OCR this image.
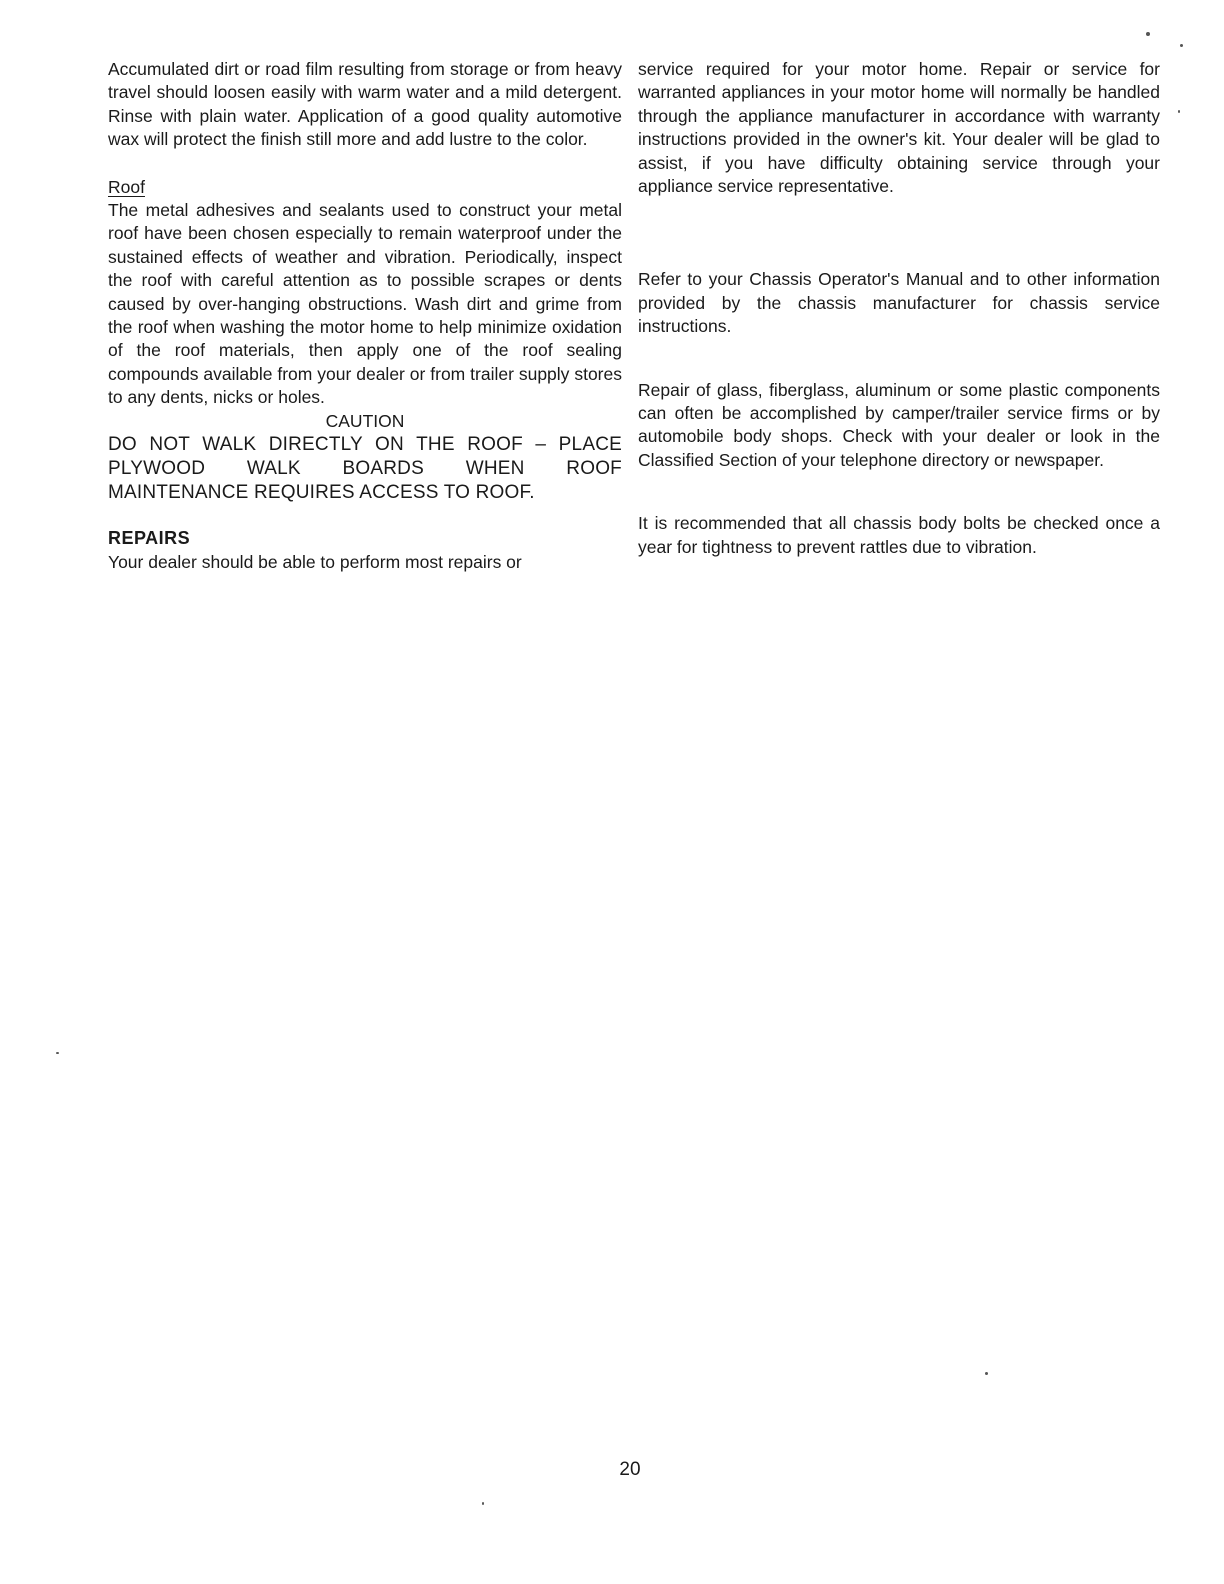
Accumulated dirt or road film resulting from storage or from heavy travel should loosen easily with warm water and a mild detergent. Rinse with plain water. Application of a good quality automotive wax will protect the finish still more and add lustre to the color.

Roof

The metal adhesives and sealants used to construct your metal roof have been chosen especially to remain waterproof under the sustained effects of weather and vibration. Periodically, inspect the roof with careful attention as to possible scrapes or dents caused by over-hanging obstructions. Wash dirt and grime from the roof when washing the motor home to help minimize oxidation of the roof materials, then apply one of the roof sealing compounds available from your dealer or from trailer supply stores to any dents, nicks or holes.

CAUTION

DO NOT WALK DIRECTLY ON THE ROOF – PLACE PLYWOOD WALK BOARDS WHEN ROOF MAINTENANCE REQUIRES ACCESS TO ROOF.

REPAIRS

Your dealer should be able to perform most repairs or

service required for your motor home. Repair or service for warranted appliances in your motor home will normally be handled through the appliance manufacturer in accordance with warranty instructions provided in the owner's kit. Your dealer will be glad to assist, if you have difficulty obtaining service through your appliance service representative.

Refer to your Chassis Operator's Manual and to other information provided by the chassis manufacturer for chassis service instructions.

Repair of glass, fiberglass, aluminum or some plastic components can often be accomplished by camper/trailer service firms or by automobile body shops. Check with your dealer or look in the Classified Section of your telephone directory or newspaper.

It is recommended that all chassis body bolts be checked once a year for tightness to prevent rattles due to vibration.

20
